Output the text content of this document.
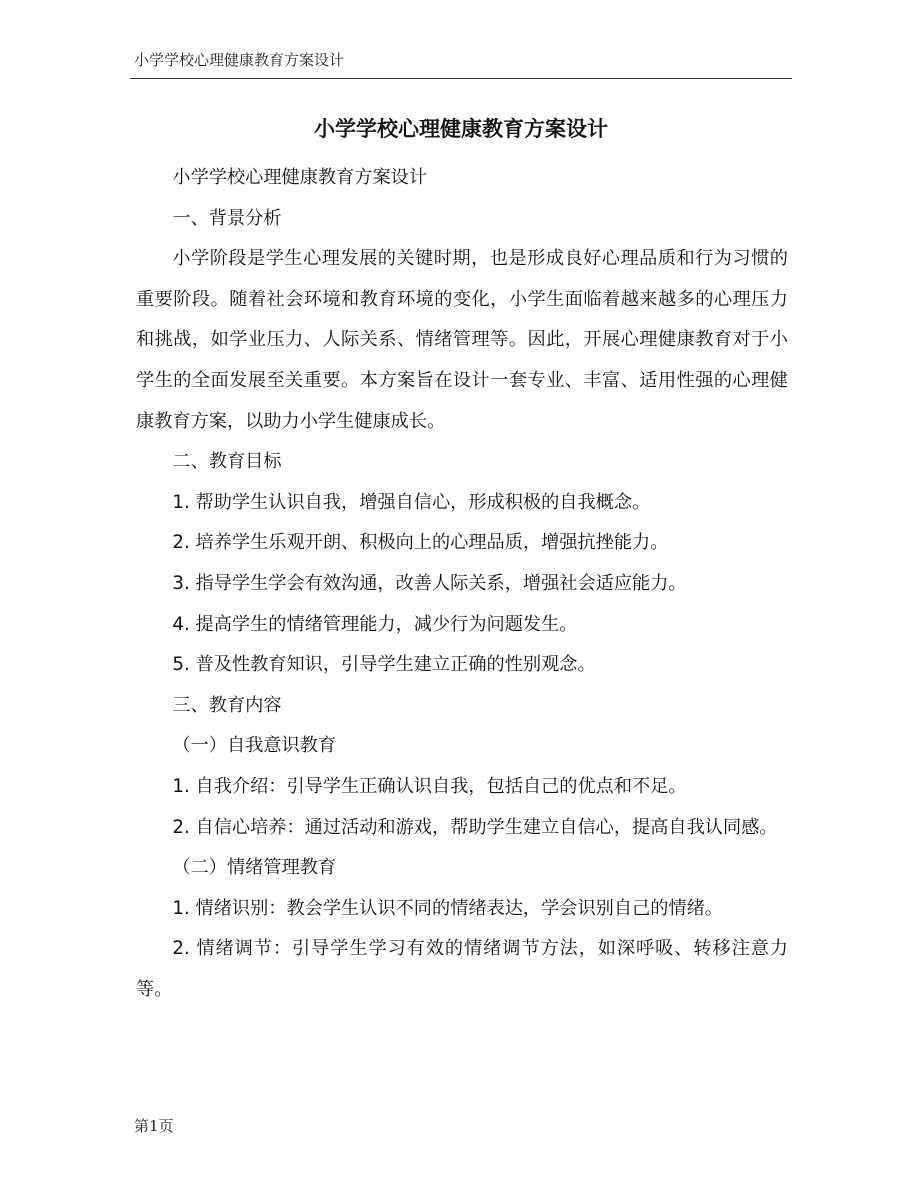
小学学校心理健康教育方案设计
小学学校心理健康教育方案设计

小学学校心理健康教育方案设计

一、背景分析

小学阶段是学生心理发展的关键时期，也是形成良好心理品质和行为习惯的重要阶段。随着社会环境和教育环境的变化，小学生面临着越来越多的心理压力和挑战，如学业压力、人际关系、情绪管理等。因此，开展心理健康教育对于小学生的全面发展至关重要。本方案旨在设计一套专业、丰富、适用性强的心理健康教育方案，以助力小学生健康成长。

二、教育目标

1. 帮助学生认识自我，增强自信心，形成积极的自我概念。

2. 培养学生乐观开朗、积极向上的心理品质，增强抗挫能力。

3. 指导学生学会有效沟通，改善人际关系，增强社会适应能力。

4. 提高学生的情绪管理能力，减少行为问题发生。

5. 普及性教育知识，引导学生建立正确的性别观念。

三、教育内容

（一）自我意识教育

1. 自我介绍：引导学生正确认识自我，包括自己的优点和不足。

2. 自信心培养：通过活动和游戏，帮助学生建立自信心，提高自我认同感。

（二）情绪管理教育

1. 情绪识别：教会学生认识不同的情绪表达，学会识别自己的情绪。

2. 情绪调节：引导学生学习有效的情绪调节方法，如深呼吸、转移注意力等。

第1页
